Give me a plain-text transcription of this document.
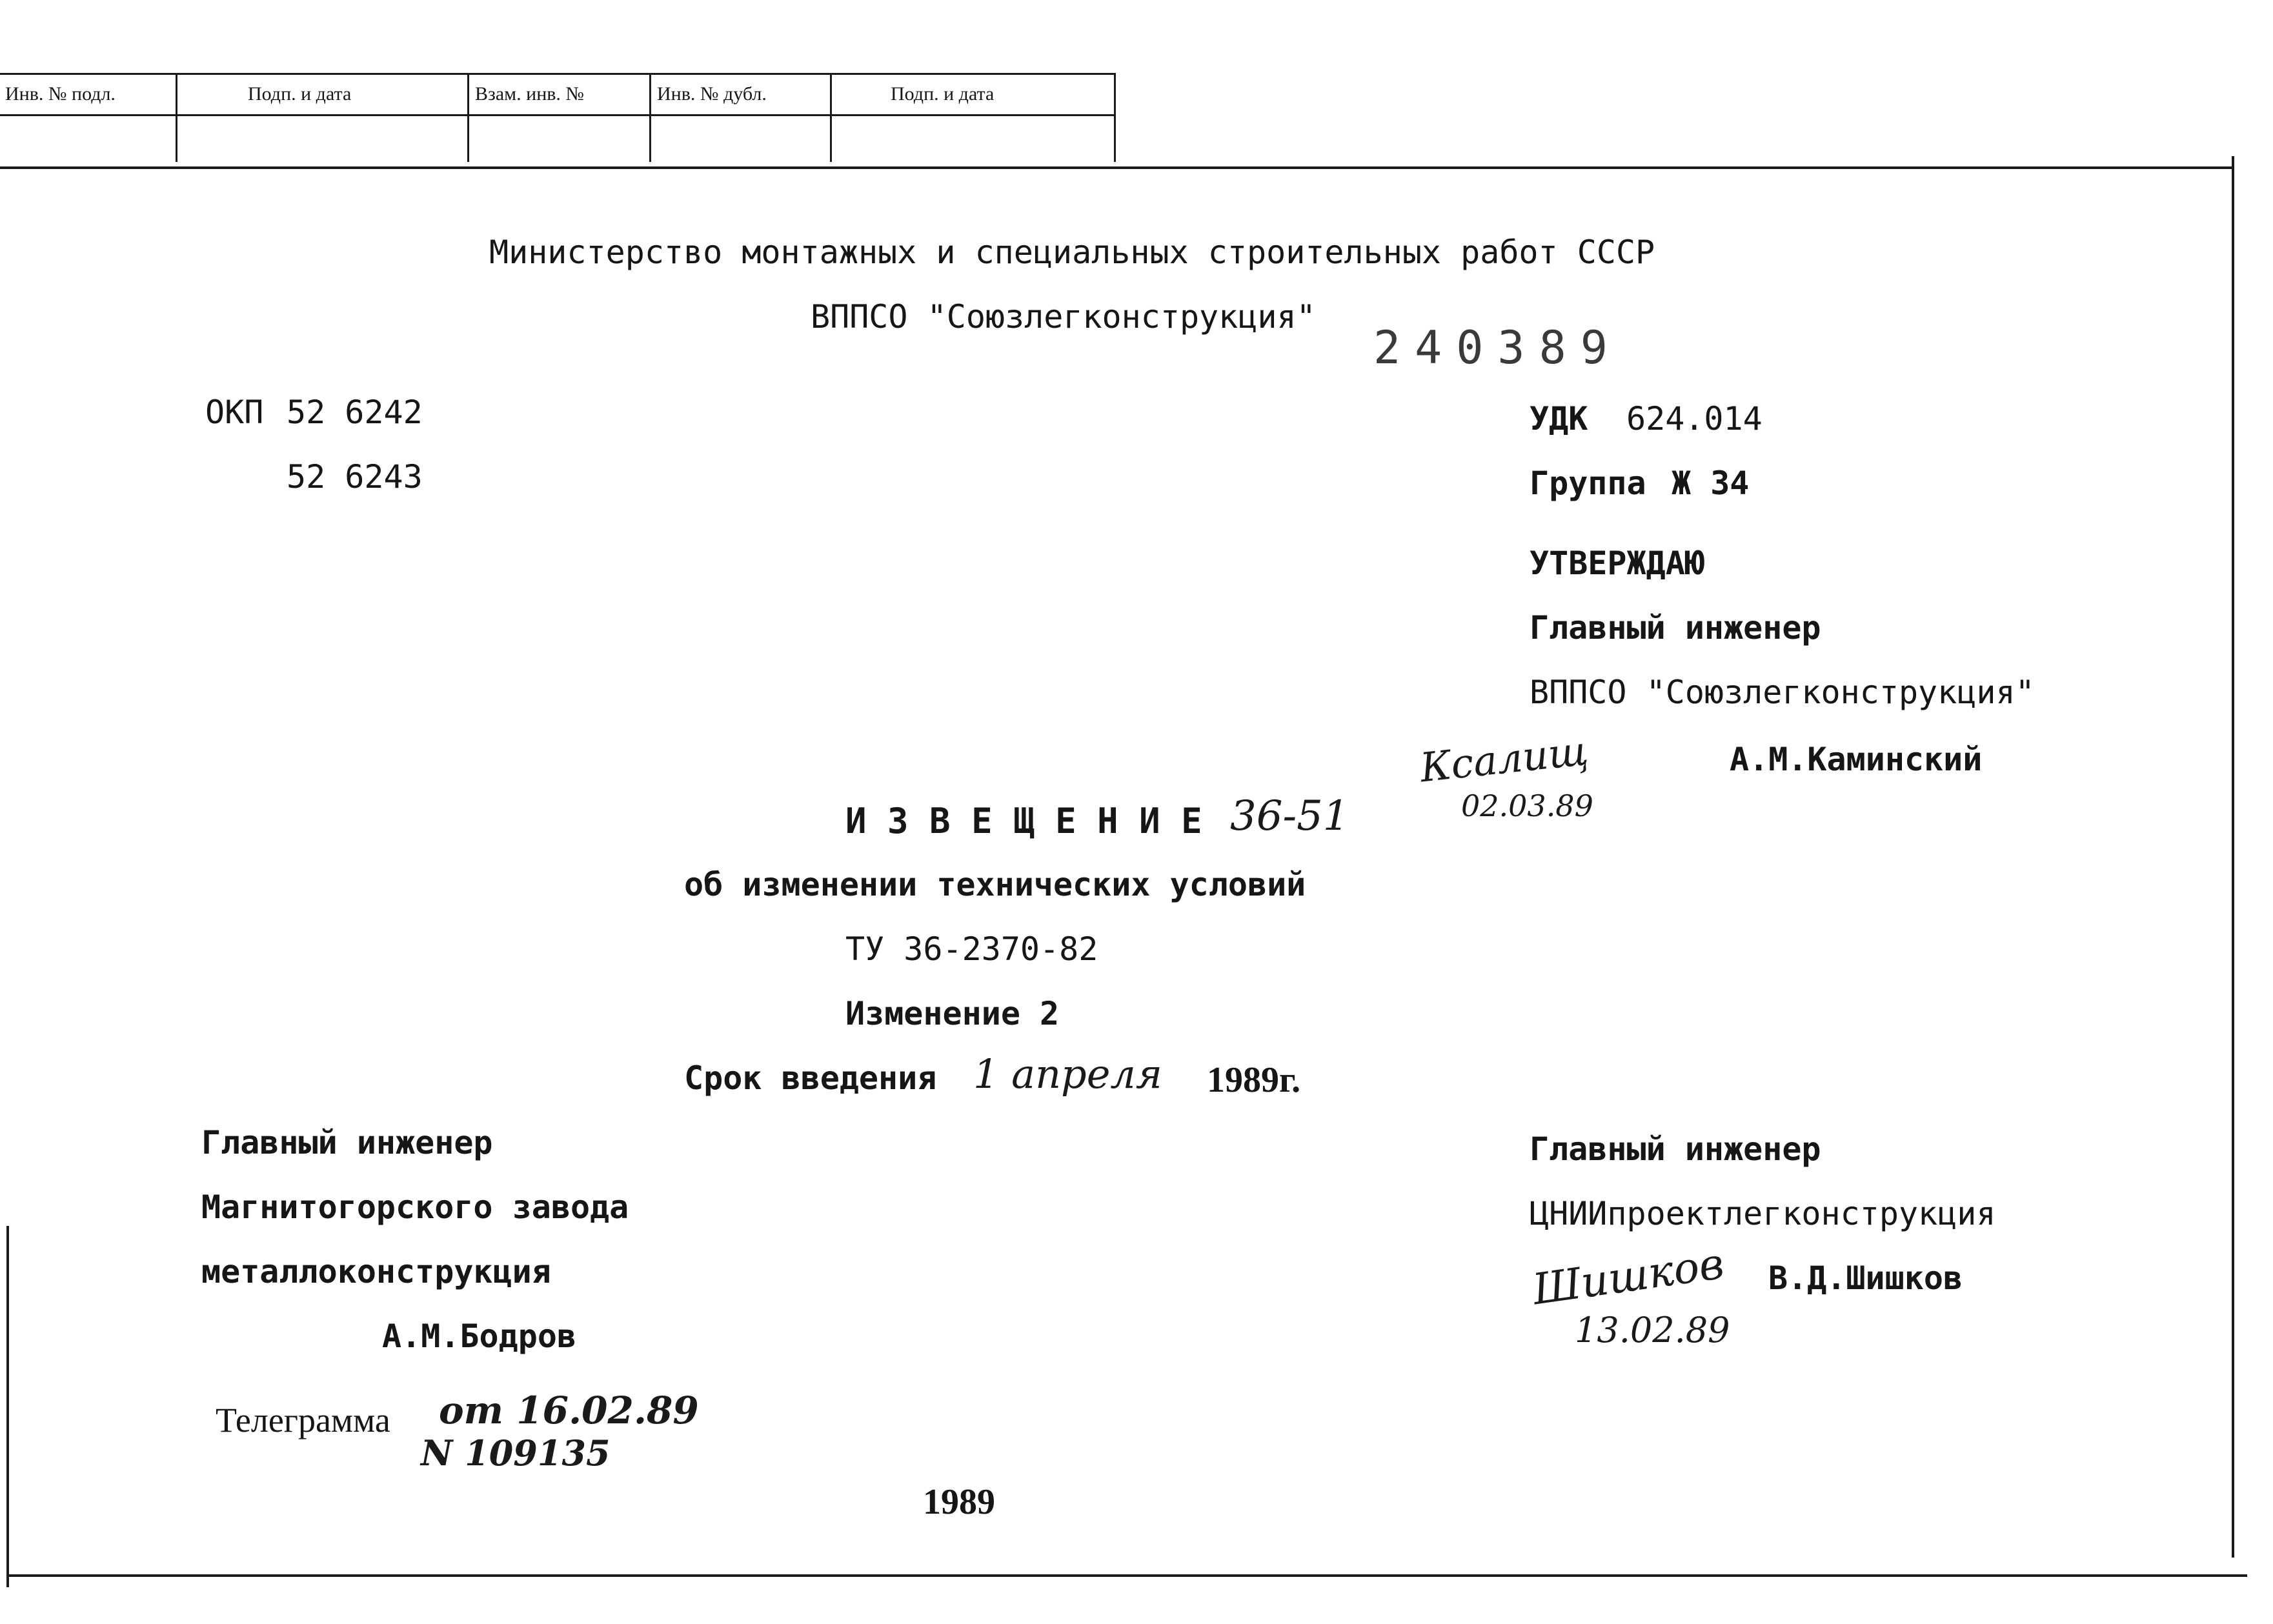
Инв. № подл.	Подп. и дата	Взам. инв. №	Инв. № дубл.	Подп. и дата
Министерство монтажных и специальных строительных работ СССР
ВППСО "Союзлегконструкция"
240389
ОКП 52 6242
52 6243
УДК 624.014
Группа Ж 34
УТВЕРЖДАЮ
Главный инженер
ВППСО "Союзлегконструкция"
Ксалищ	А.М.Каминский
02.03.89
И З В Е Щ Е Н И Е 36-51
об изменении технических условий
ТУ 36-2370-82
Изменение 2
Срок введения 1 апреля 1989г.
Главный инженер
Магнитогорского завода
металлоконструкция
А.М.Бодров
Главный инженер
ЦНИИпроектлегконструкция
Шишков В.Д.Шишков
13.02.89
Телеграмма от 16.02.89
N 109135
1989
